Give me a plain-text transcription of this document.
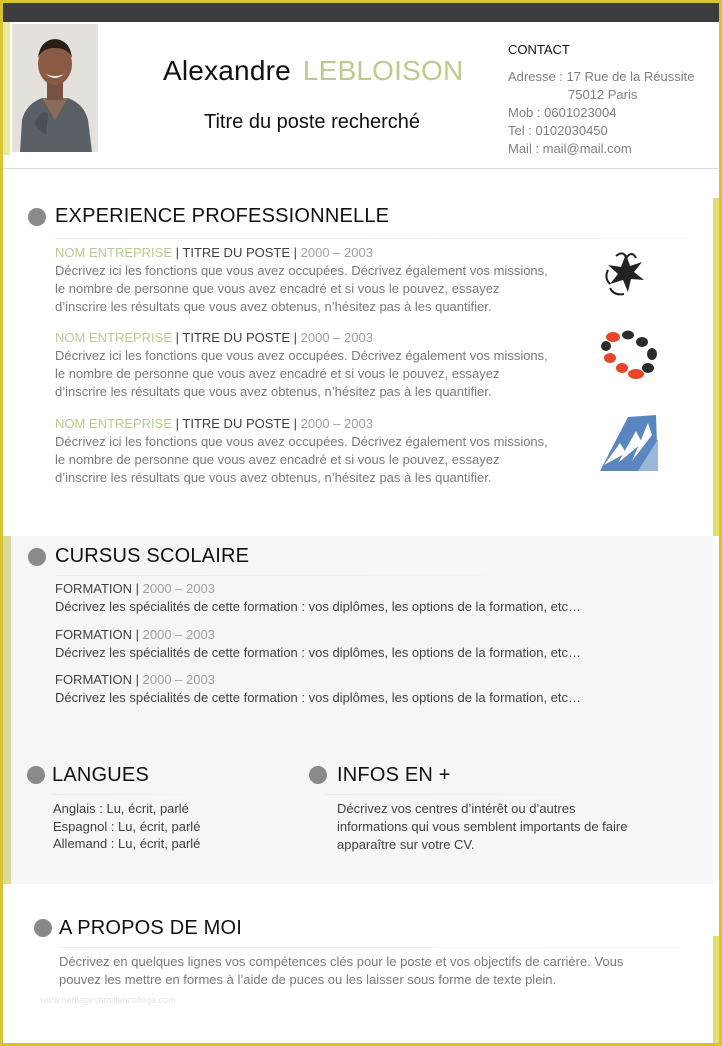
Alexandre LEBLOISON
Titre du poste recherché
CONTACT
Adresse : 17 Rue de la Réussite
75012 Paris
Mob : 0601023004
Tel : 0102030450
Mail : mail@mail.com
EXPERIENCE PROFESSIONNELLE
NOM ENTREPRISE | TITRE DU POSTE | 2000 – 2003
Décrivez ici les fonctions que vous avez occupées. Décrivez également vos missions,
le nombre de personne que vous avez encadré et si vous le pouvez, essayez
d’inscrire les résultats que vous avez obtenus, n’hésitez pas à les quantifier.
NOM ENTREPRISE | TITRE DU POSTE | 2000 – 2003
Décrivez ici les fonctions que vous avez occupées. Décrivez également vos missions,
le nombre de personne que vous avez encadré et si vous le pouvez, essayez
d’inscrire les résultats que vous avez obtenus, n’hésitez pas à les quantifier.
NOM ENTREPRISE | TITRE DU POSTE | 2000 – 2003
Décrivez ici les fonctions que vous avez occupées. Décrivez également vos missions,
le nombre de personne que vous avez encadré et si vous le pouvez, essayez
d’inscrire les résultats que vous avez obtenus, n’hésitez pas à les quantifier.
CURSUS SCOLAIRE
FORMATION | 2000 – 2003
Décrivez les spécialités de cette formation : vos diplômes, les options de la formation, etc…
FORMATION | 2000 – 2003
Décrivez les spécialités de cette formation : vos diplômes, les options de la formation, etc…
FORMATION | 2000 – 2003
Décrivez les spécialités de cette formation : vos diplômes, les options de la formation, etc…
LANGUES
Anglais : Lu, écrit, parlé
Espagnol : Lu, écrit, parlé
Allemand : Lu, écrit, parlé
INFOS EN +
Décrivez vos centres d’intérêt ou d’autres
informations qui vous semblent importants de faire
apparaître sur votre CV.
A PROPOS DE MOI
Décrivez en quelques lignes vos compétences clés pour le poste et vos objectifs de carrière. Vous
pouvez les mettre en formes à l’aide de puces ou les laisser sous forme de texte plein.
www.heritagechristiancollege.com
